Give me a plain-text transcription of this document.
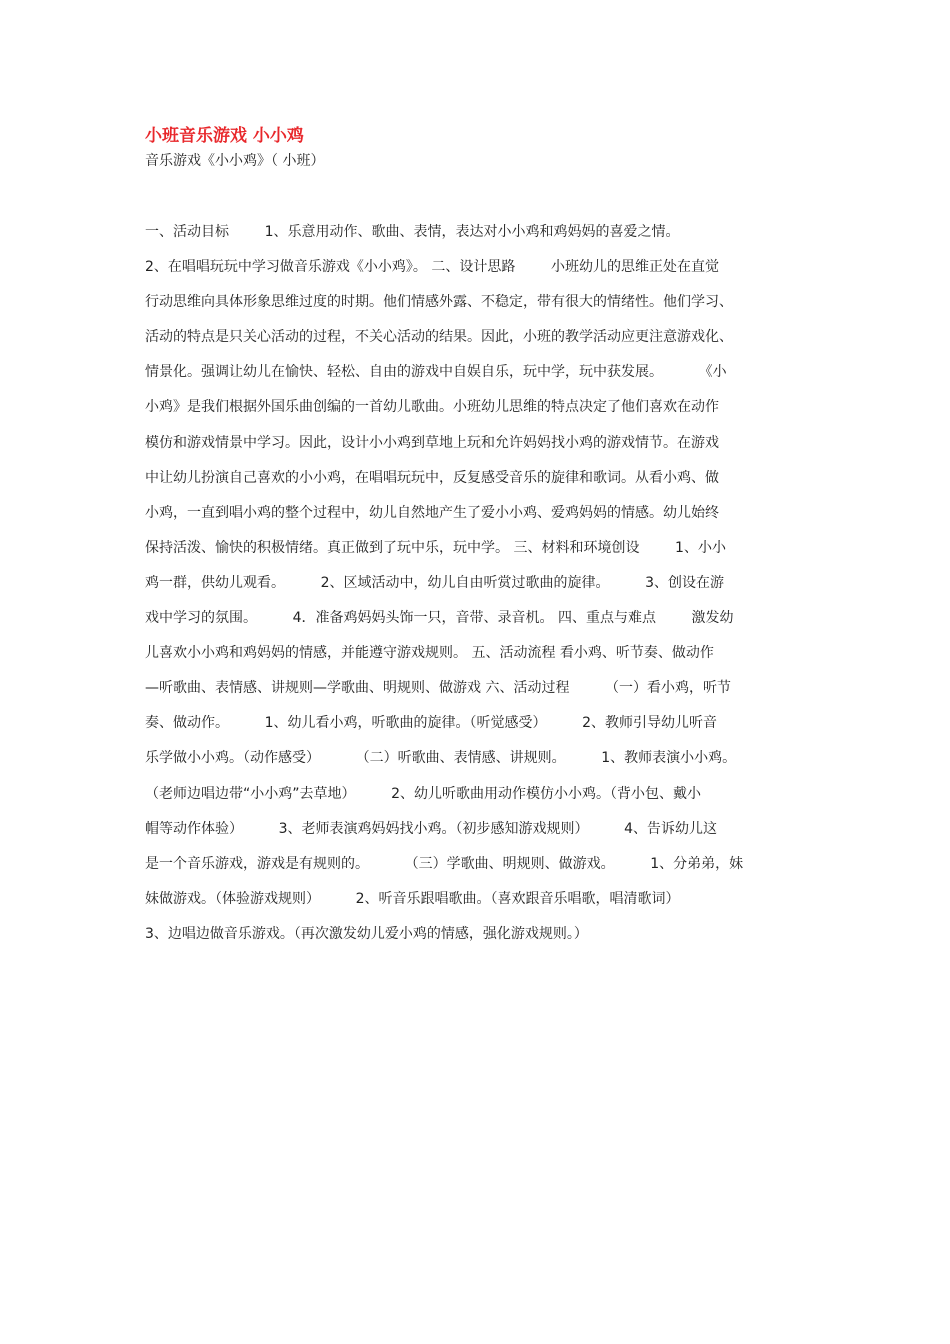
小班音乐游戏 小小鸡
音乐游戏《小小鸡》（ 小班）
一、活动目标        1、乐意用动作、歌曲、表情，表达对小小鸡和鸡妈妈的喜爱之情。
2、在唱唱玩玩中学习做音乐游戏《小小鸡》。 二、设计思路        小班幼儿的思维正处在直觉
行动思维向具体形象思维过度的时期。他们情感外露、不稳定，带有很大的情绪性。他们学习、
活动的特点是只关心活动的过程，不关心活动的结果。因此，小班的教学活动应更注意游戏化、
情景化。强调让幼儿在愉快、轻松、自由的游戏中自娱自乐，玩中学，玩中获发展。        《小
小鸡》是我们根据外国乐曲创编的一首幼儿歌曲。小班幼儿思维的特点决定了他们喜欢在动作
模仿和游戏情景中学习。因此，设计小小鸡到草地上玩和允许妈妈找小鸡的游戏情节。在游戏
中让幼儿扮演自己喜欢的小小鸡，在唱唱玩玩中，反复感受音乐的旋律和歌词。从看小鸡、做
小鸡，一直到唱小鸡的整个过程中，幼儿自然地产生了爱小小鸡、爱鸡妈妈的情感。幼儿始终
保持活泼、愉快的积极情绪。真正做到了玩中乐，玩中学。 三、材料和环境创设        1、小小
鸡一群，供幼儿观看。        2、区域活动中，幼儿自由听赏过歌曲的旋律。        3、创设在游
戏中学习的氛围。        4．准备鸡妈妈头饰一只，音带、录音机。 四、重点与难点        激发幼
儿喜欢小小鸡和鸡妈妈的情感，并能遵守游戏规则。 五、活动流程 看小鸡、听节奏、做动作
—听歌曲、表情感、讲规则—学歌曲、明规则、做游戏 六、活动过程        （一）看小鸡，听节
奏、做动作。        1、幼儿看小鸡，听歌曲的旋律。（听觉感受）        2、教师引导幼儿听音
乐学做小小鸡。（动作感受）        （二）听歌曲、表情感、讲规则。        1、教师表演小小鸡。
（老师边唱边带“小小鸡”去草地）        2、幼儿听歌曲用动作模仿小小鸡。（背小包、戴小
帽等动作体验）        3、老师表演鸡妈妈找小鸡。（初步感知游戏规则）        4、告诉幼儿这
是一个音乐游戏，游戏是有规则的。        （三）学歌曲、明规则、做游戏。        1、分弟弟，妹
妹做游戏。（体验游戏规则）        2、听音乐跟唱歌曲。（喜欢跟音乐唱歌，唱清歌词）
3、边唱边做音乐游戏。（再次激发幼儿爱小鸡的情感，强化游戏规则。）
